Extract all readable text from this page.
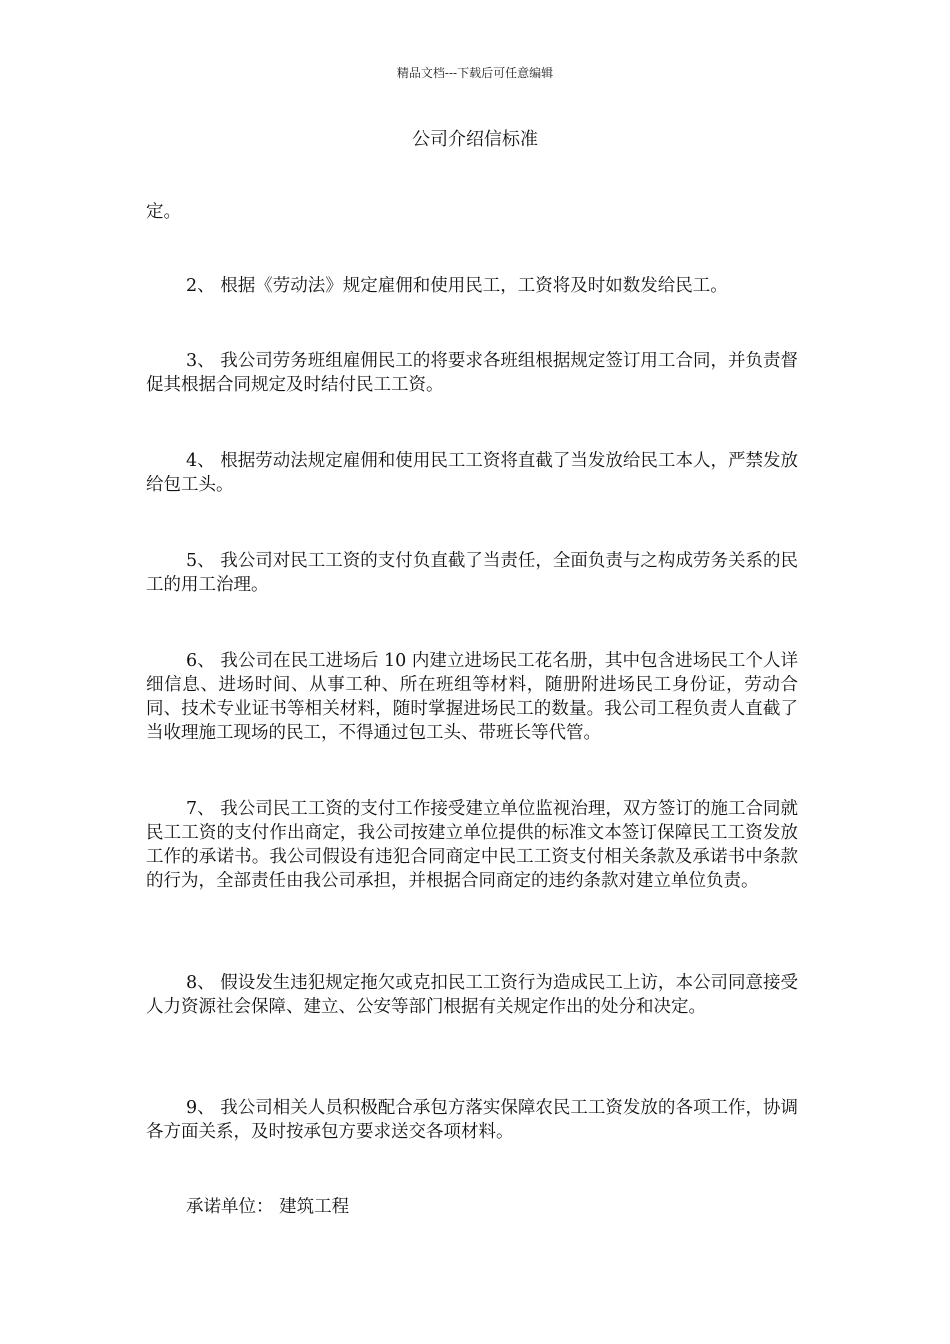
精品文档---下载后可任意编辑
公司介绍信标准

定。

2、 根据《劳动法》规定雇佣和使用民工，工资将及时如数发给民工。

3、 我公司劳务班组雇佣民工的将要求各班组根据规定签订用工合同，并负责督促其根据合同规定及时结付民工工资。

4、 根据劳动法规定雇佣和使用民工工资将直截了当发放给民工本人，严禁发放给包工头。

5、 我公司对民工工资的支付负直截了当责任，全面负责与之构成劳务关系的民工的用工治理。

6、 我公司在民工进场后 10 内建立进场民工花名册，其中包含进场民工个人详细信息、进场时间、从事工种、所在班组等材料，随册附进场民工身份证，劳动合同、技术专业证书等相关材料，随时掌握进场民工的数量。我公司工程负责人直截了当收理施工现场的民工，不得通过包工头、带班长等代管。

7、 我公司民工工资的支付工作接受建立单位监视治理，双方签订的施工合同就民工工资的支付作出商定，我公司按建立单位提供的标准文本签订保障民工工资发放工作的承诺书。我公司假设有违犯合同商定中民工工资支付相关条款及承诺书中条款的行为，全部责任由我公司承担，并根据合同商定的违约条款对建立单位负责。

8、 假设发生违犯规定拖欠或克扣民工工资行为造成民工上访，本公司同意接受人力资源社会保障、建立、公安等部门根据有关规定作出的处分和决定。

9、 我公司相关人员积极配合承包方落实保障农民工工资发放的各项工作，协调各方面关系，及时按承包方要求送交各项材料。

承诺单位： 建筑工程
